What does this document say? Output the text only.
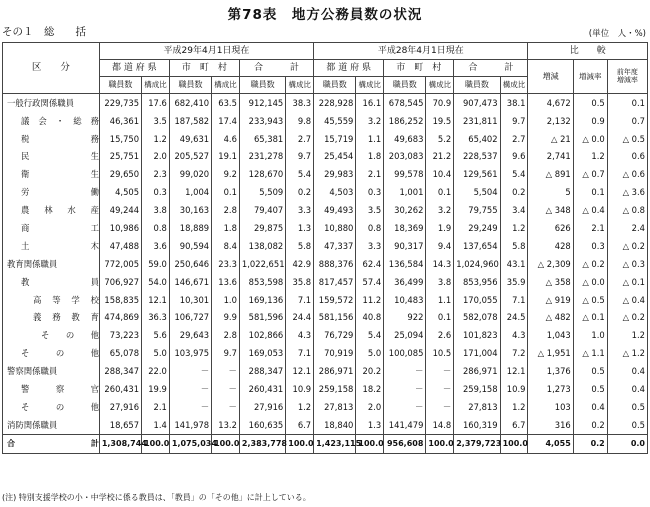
第78表　地方公務員数の状況
その１　総　　括	(単位　人・%)
区　　分	平成29年4月1日現在						平成28年4月1日現在						比　　較		
	都 道 府 県		市　町　村		合　　　計		都 道 府 県		市　町　村		合　　　計		増減	増減率	前年度
増減率

	職員数	構成比	職員数	構成比	職員数	構成比	職員数	構成比	職員数	構成比	職員数	構成比			

一般行政関係職員	229,735	17.6	682,410	63.5	912,145	38.3	228,928	16.1	678,545	70.9	907,473	38.1	4,672	0.5	0.1

議 会 ・ 総 務	46,361	3.5	187,582	17.4	233,943	9.8	45,559	3.2	186,252	19.5	231,811	9.7	2,132	0.9	0.7

税 務	15,750	1.2	49,631	4.6	65,381	2.7	15,719	1.1	49,683	5.2	65,402	2.7	△ 21	△ 0.0	△ 0.5

民 生	25,751	2.0	205,527	19.1	231,278	9.7	25,454	1.8	203,083	21.2	228,537	9.6	2,741	1.2	0.6

衛 生	29,650	2.3	99,020	9.2	128,670	5.4	29,983	2.1	99,578	10.4	129,561	5.4	△ 891	△ 0.7	△ 0.6

労 働	4,505	0.3	1,004	0.1	5,509	0.2	4,503	0.3	1,001	0.1	5,504	0.2	5	0.1	△ 3.6

農 林 水 産	49,244	3.8	30,163	2.8	79,407	3.3	49,493	3.5	30,262	3.2	79,755	3.4	△ 348	△ 0.4	△ 0.8

商 工	10,986	0.8	18,889	1.8	29,875	1.3	10,880	0.8	18,369	1.9	29,249	1.2	626	2.1	2.4

土 木	47,488	3.6	90,594	8.4	138,082	5.8	47,337	3.3	90,317	9.4	137,654	5.8	428	0.3	△ 0.2

教育関係職員	772,005	59.0	250,646	23.3	1,022,651	42.9	888,376	62.4	136,584	14.3	1,024,960	43.1	△ 2,309	△ 0.2	△ 0.3

教 員	706,927	54.0	146,671	13.6	853,598	35.8	817,457	57.4	36,499	3.8	853,956	35.9	△ 358	△ 0.0	△ 0.1

高 等 学 校	158,835	12.1	10,301	1.0	169,136	7.1	159,572	11.2	10,483	1.1	170,055	7.1	△ 919	△ 0.5	△ 0.4

義 務 教 育	474,869	36.3	106,727	9.9	581,596	24.4	581,156	40.8	922	0.1	582,078	24.5	△ 482	△ 0.1	△ 0.2

そ の 他	73,223	5.6	29,643	2.8	102,866	4.3	76,729	5.4	25,094	2.6	101,823	4.3	1,043	1.0	1.2

そ の 他	65,078	5.0	103,975	9.7	169,053	7.1	70,919	5.0	100,085	10.5	171,004	7.2	△ 1,951	△ 1.1	△ 1.2

警察関係職員	288,347	22.0	－	－	288,347	12.1	286,971	20.2	－	－	286,971	12.1	1,376	0.5	0.4

警 察 官	260,431	19.9	－	－	260,431	10.9	259,158	18.2	－	－	259,158	10.9	1,273	0.5	0.4

そ の 他	27,916	2.1	－	－	27,916	1.2	27,813	2.0	－	－	27,813	1.2	103	0.4	0.5

消防関係職員	18,657	1.4	141,978	13.2	160,635	6.7	18,840	1.3	141,479	14.8	160,319	6.7	316	0.2	0.5

合 計	1,308,744	100.0	1,075,034	100.0	2,383,778	100.0	1,423,115	100.0	956,608	100.0	2,379,723	100.0	4,055	0.2	0.0
(注) 特別支援学校の小・中学校に係る教員は、「教員」の「その他」に計上している。
